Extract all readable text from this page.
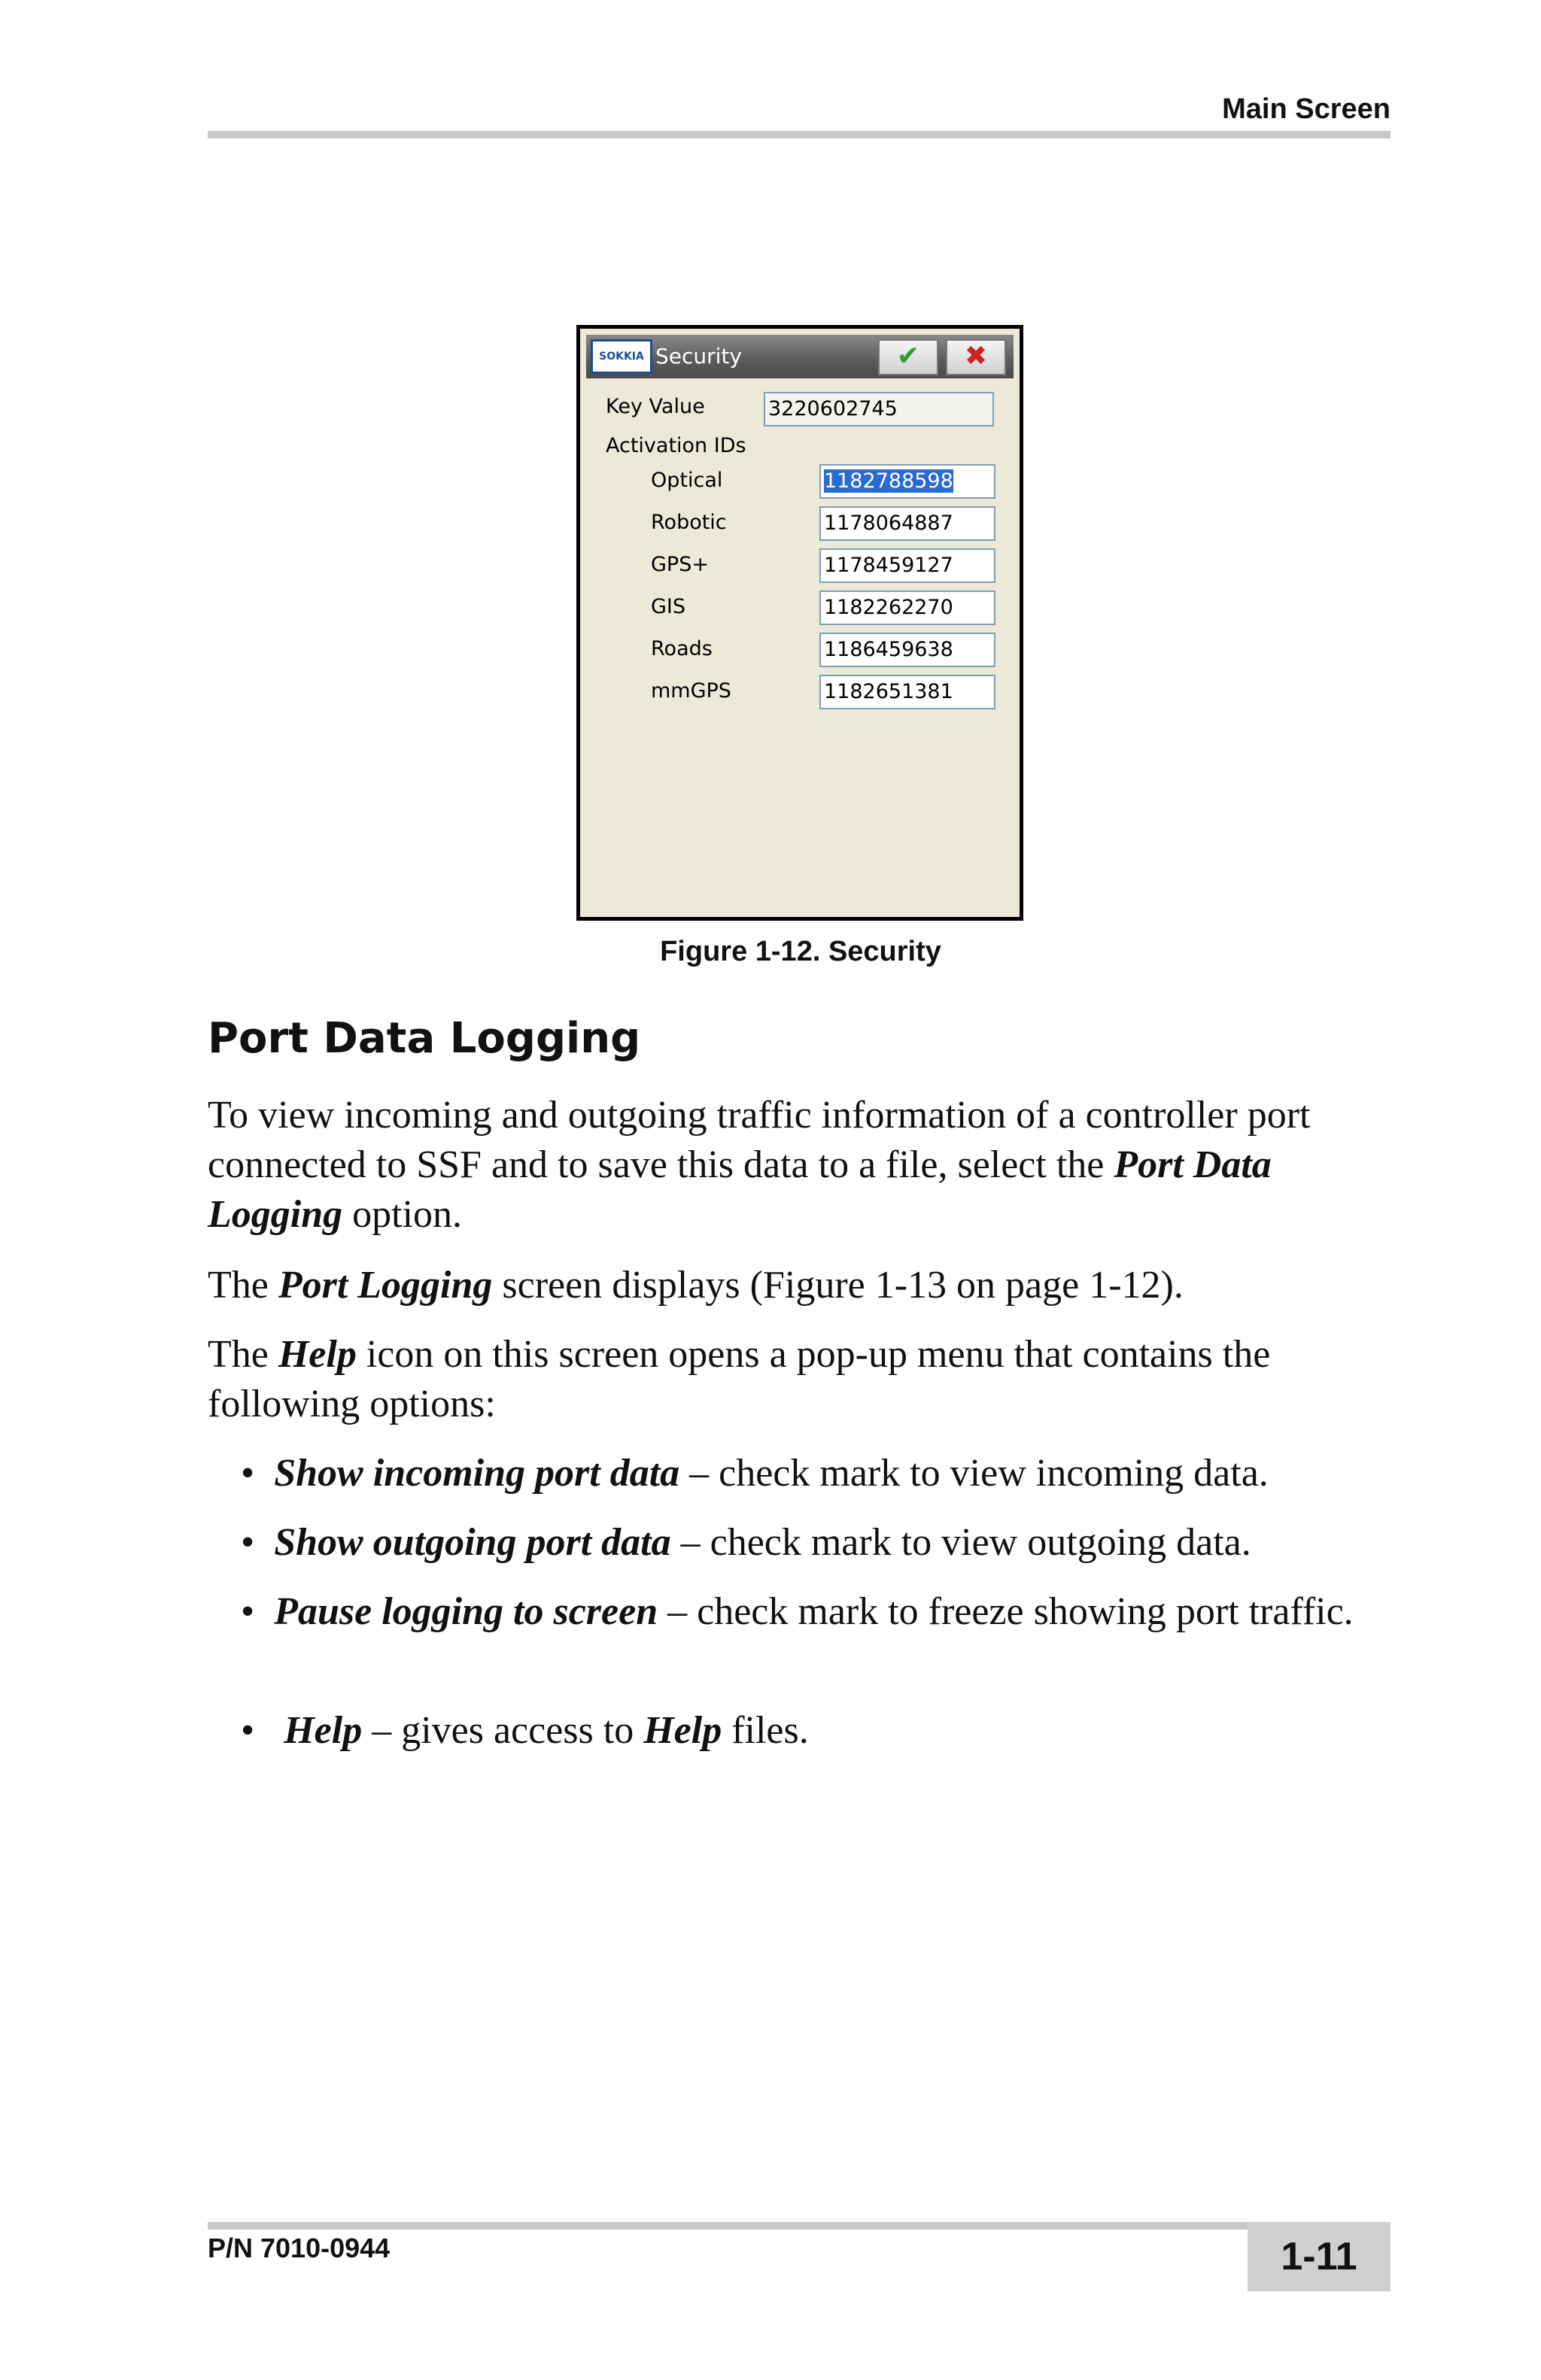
Main Screen
SOKKIA Security	✔	✖
Key Value	3220602745
Activation IDs
Optical	1182788598
Robotic	1178064887
GPS+	1178459127
GIS	1182262270
Roads	1186459638
mmGPS	1182651381
Figure 1-12. Security
Port Data Logging
To view incoming and outgoing traffic information of a controller port connected to SSF and to save this data to a file, select the Port Data Logging option.
The Port Logging screen displays (Figure 1-13 on page 1-12).
The Help icon on this screen opens a pop-up menu that contains the following options:
•  Show incoming port data – check mark to view incoming data.
•  Show outgoing port data – check mark to view outgoing data.
•  Pause logging to screen – check mark to freeze showing port traffic.
•   Help – gives access to Help files.
P/N 7010-0944	1-11
